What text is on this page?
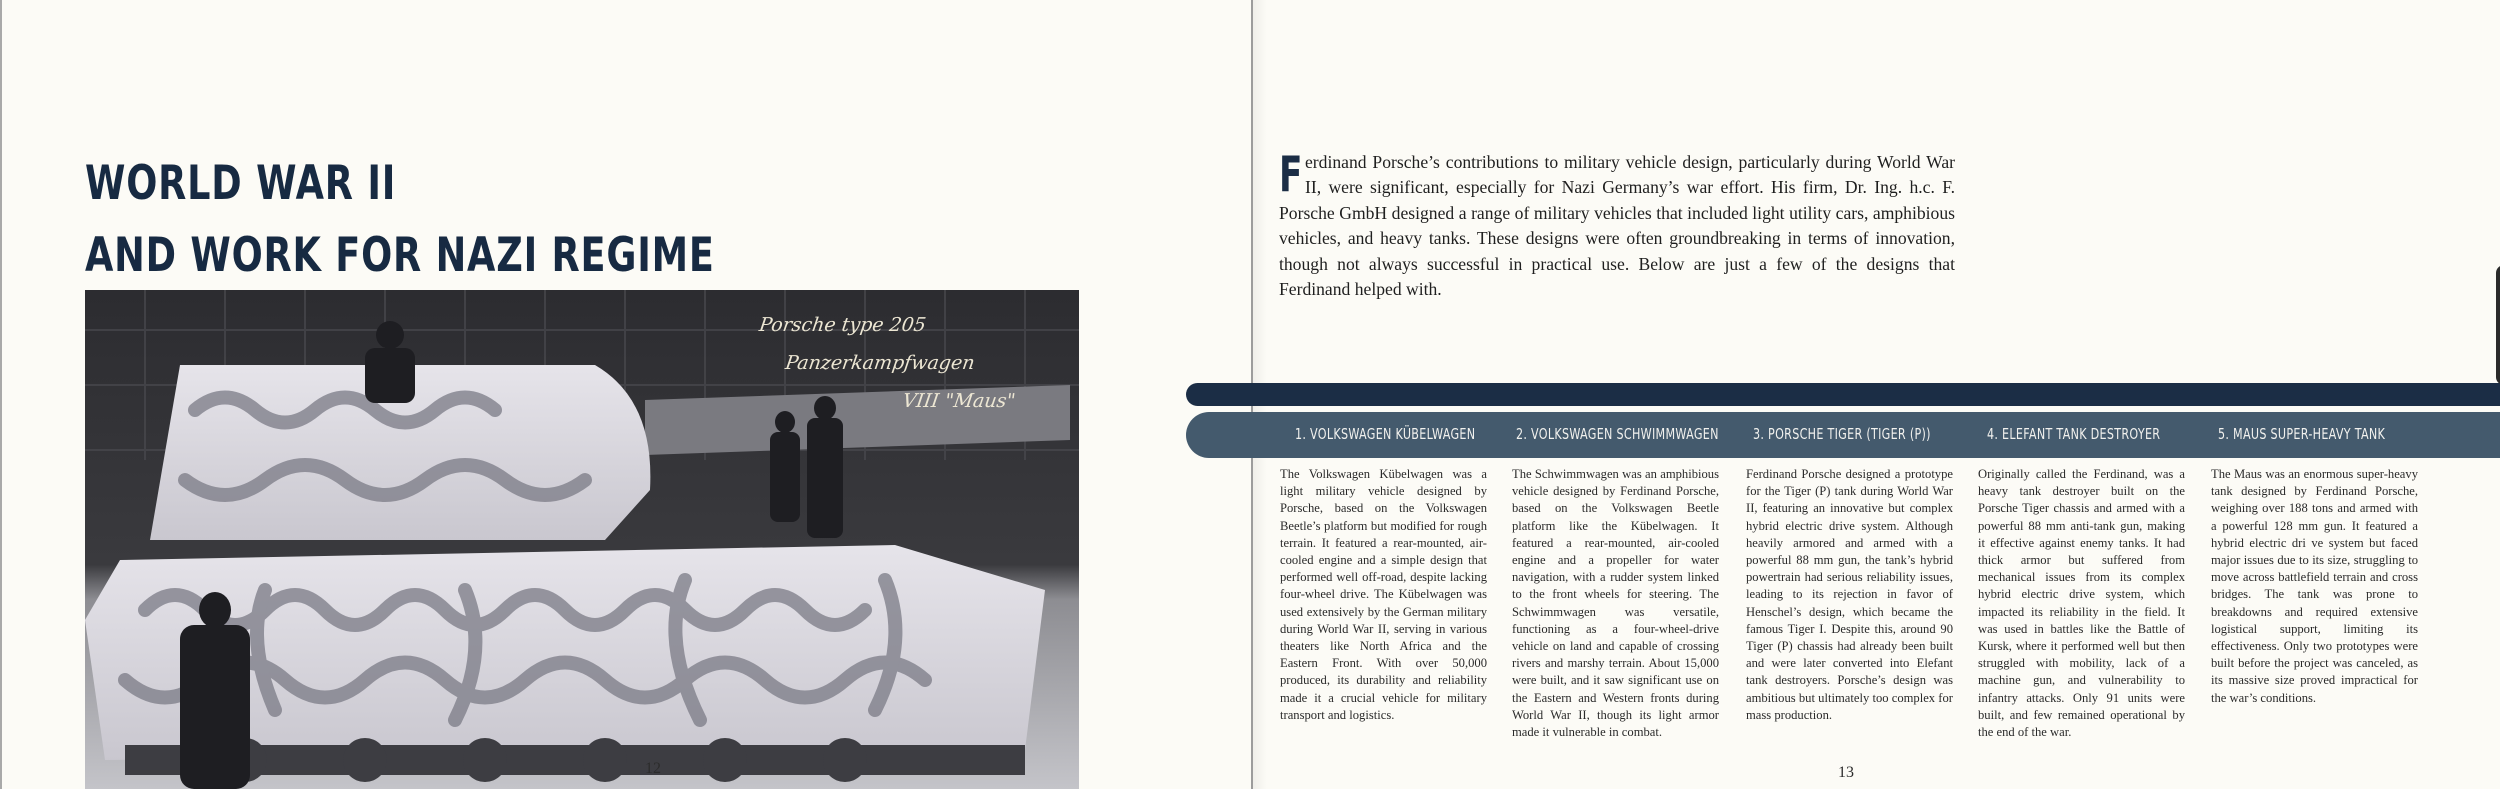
WORLD WAR II
AND WORK FOR NAZI REGIME
Porsche type 205
Panzerkampfwagen
VIII "Maus"
12

F erdinand Porsche’s contributions to military vehicle design, particularly during World War II, were significant, especially for Nazi Germany’s war effort. His firm, Dr. Ing. h.c. F. Porsche GmbH designed a range of military vehicles that included light utility cars, amphibious vehicles, and heavy tanks. These designs were often groundbreaking in terms of innovation, though not always successful in practical use. Below are just a few of the designs that Ferdinand helped with.

1. VOLKSWAGEN KÜBELWAGEN	2. VOLKSWAGEN SCHWIMMWAGEN 3. PORSCHE TIGER (TIGER (P))	4. ELEFANT TANK DESTROYER	5. MAUS SUPER-HEAVY TANK

The Volkswagen Kübelwagen was a light military vehicle designed by Porsche, based on the Volkswagen Beetle’s platform but modified for rough terrain. It featured a rear-mounted, air-cooled engine and a simple design that performed well off-road, despite lacking four-wheel drive. The Kübelwagen was used extensively by the German military during World War II, serving in various theaters like North Africa and the Eastern Front. With over 50,000 produced, its durability and reliability made it a crucial vehicle for military transport and logistics.

The Schwimmwagen was an amphibious vehicle designed by Ferdinand Porsche, based on the Volkswagen Beetle platform like the Kübelwagen. It featured a rear-mounted, air-cooled engine and a propeller for water navigation, with a rudder system linked to the front wheels for steering. The Schwimmwagen was versatile, functioning as a four-wheel-drive vehicle on land and capable of crossing rivers and marshy terrain. About 15,000 were built, and it saw significant use on the Eastern and Western fronts during World War II, though its light armor made it vulnerable in combat.

Ferdinand Porsche designed a prototype for the Tiger (P) tank during World War II, featuring an innovative but complex hybrid electric drive system. Although heavily armored and armed with a powerful 88 mm gun, the tank’s hybrid powertrain had serious reliability issues, leading to its rejection in favor of Henschel’s design, which became the famous Tiger I. Despite this, around 90 Tiger (P) chassis had already been built and were later converted into Elefant tank destroyers. Porsche’s design was ambitious but ultimately too complex for mass production.

Originally called the Ferdinand, was a heavy tank destroyer built on the Porsche Tiger chassis and armed with a powerful 88 mm anti-tank gun, making it effective against enemy tanks. It had thick armor but suffered from mechanical issues from its complex hybrid electric drive system, which impacted its reliability in the field. It was used in battles like the Battle of Kursk, where it performed well but then struggled with mobility, lack of a machine gun, and vulnerability to infantry attacks. Only 91 units were built, and few remained operational by the end of the war.

The Maus was an enormous super-heavy tank designed by Ferdinand Porsche, weighing over 188 tons and armed with a powerful 128 mm gun. It featured a hybrid electric dri ve system but faced major issues due to its size, struggling to move across battlefield terrain and cross bridges. The tank was prone to breakdowns and required extensive logistical support, limiting its effectiveness. Only two prototypes were built before the project was canceled, as its massive size proved impractical for the war’s conditions.

13
